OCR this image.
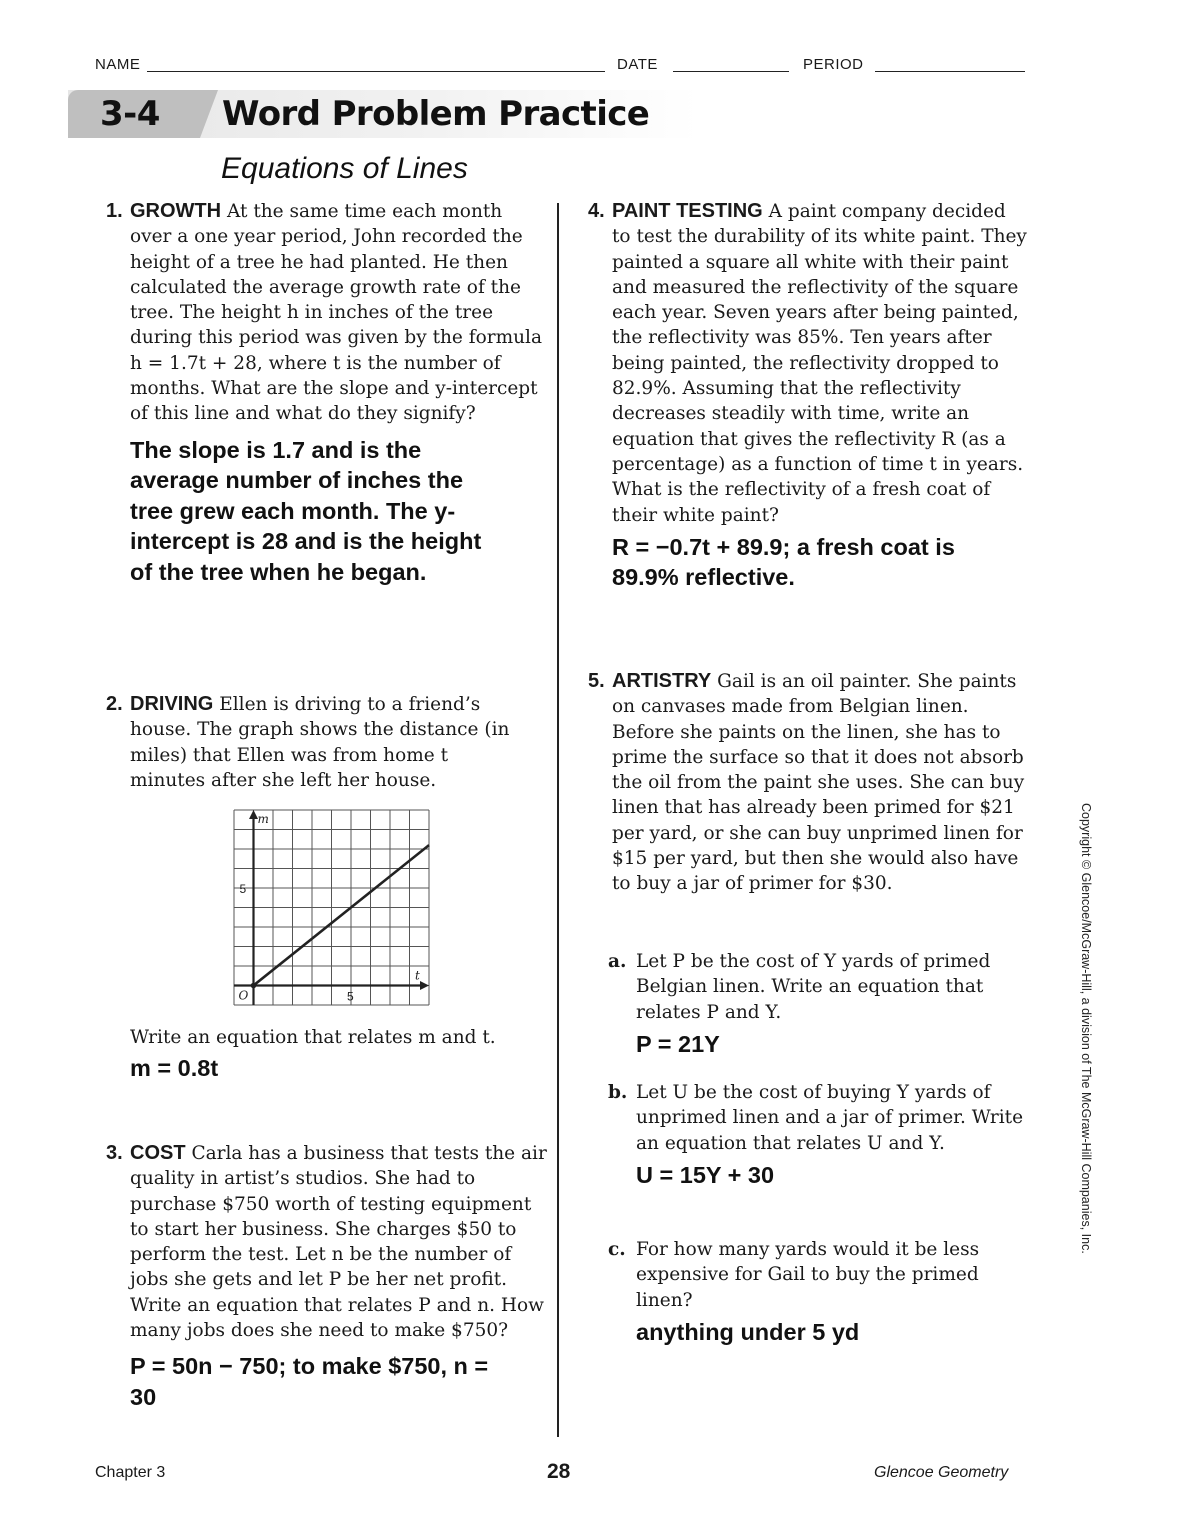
NAME	DATE	PERIOD
3-4 Word Problem Practice
Equations of Lines
1. GROWTH At the same time each month over a one year period, John recorded the height of a tree he had planted. He then calculated the average growth rate of the tree. The height h in inches of the tree during this period was given by the formula h = 1.7t + 28, where t is the number of months. What are the slope and y-intercept of this line and what do they signify?
The slope is 1.7 and is the average number of inches the tree grew each month. The y-intercept is 28 and is the height of the tree when he began.
2. DRIVING Ellen is driving to a friend’s house. The graph shows the distance (in miles) that Ellen was from home t minutes after she left her house.
m
t
O	5
5
Write an equation that relates m and t.
m = 0.8t
3. COST Carla has a business that tests the air quality in artist’s studios. She had to purchase $750 worth of testing equipment to start her business. She charges $50 to perform the test. Let n be the number of jobs she gets and let P be her net profit. Write an equation that relates P and n. How many jobs does she need to make $750?
P = 50n − 750; to make $750, n = 30
4. PAINT TESTING A paint company decided to test the durability of its white paint. They painted a square all white with their paint and measured the reflectivity of the square each year. Seven years after being painted, the reflectivity was 85%. Ten years after being painted, the reflectivity dropped to 82.9%. Assuming that the reflectivity decreases steadily with time, write an equation that gives the reflectivity R (as a percentage) as a function of time t in years. What is the reflectivity of a fresh coat of their white paint?
R = −0.7t + 89.9; a fresh coat is 89.9% reflective.
5. ARTISTRY Gail is an oil painter. She paints on canvases made from Belgian linen. Before she paints on the linen, she has to prime the surface so that it does not absorb the oil from the paint she uses. She can buy linen that has already been primed for $21 per yard, or she can buy unprimed linen for $15 per yard, but then she would also have to buy a jar of primer for $30.
a. Let P be the cost of Y yards of primed Belgian linen. Write an equation that relates P and Y.
P = 21Y
b. Let U be the cost of buying Y yards of unprimed linen and a jar of primer. Write an equation that relates U and Y.
U = 15Y + 30
c. For how many yards would it be less expensive for Gail to buy the primed linen?
anything under 5 yd
Copyright © Glencoe/McGraw-Hill, a division of The McGraw-Hill Companies, Inc.
Chapter 3	28	Glencoe Geometry
